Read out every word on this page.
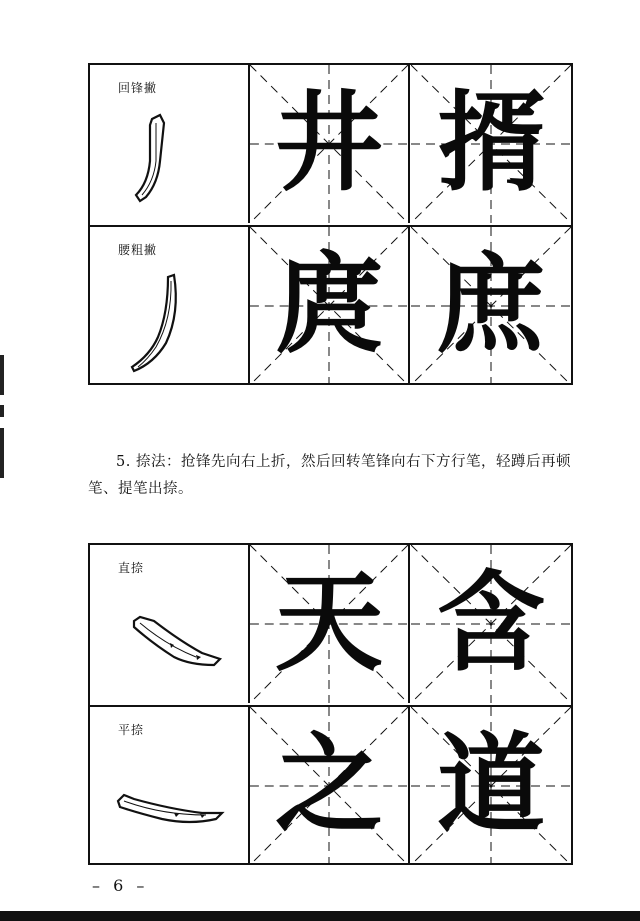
回锋撇 井 揟
腰粗撇 庹 庶
5. 捺法：抢锋先向右上折，然后回转笔锋向右下方行笔，轻蹲后再顿
笔、提笔出捺。
直捺 天 含
平捺 之 道
– 6 –
